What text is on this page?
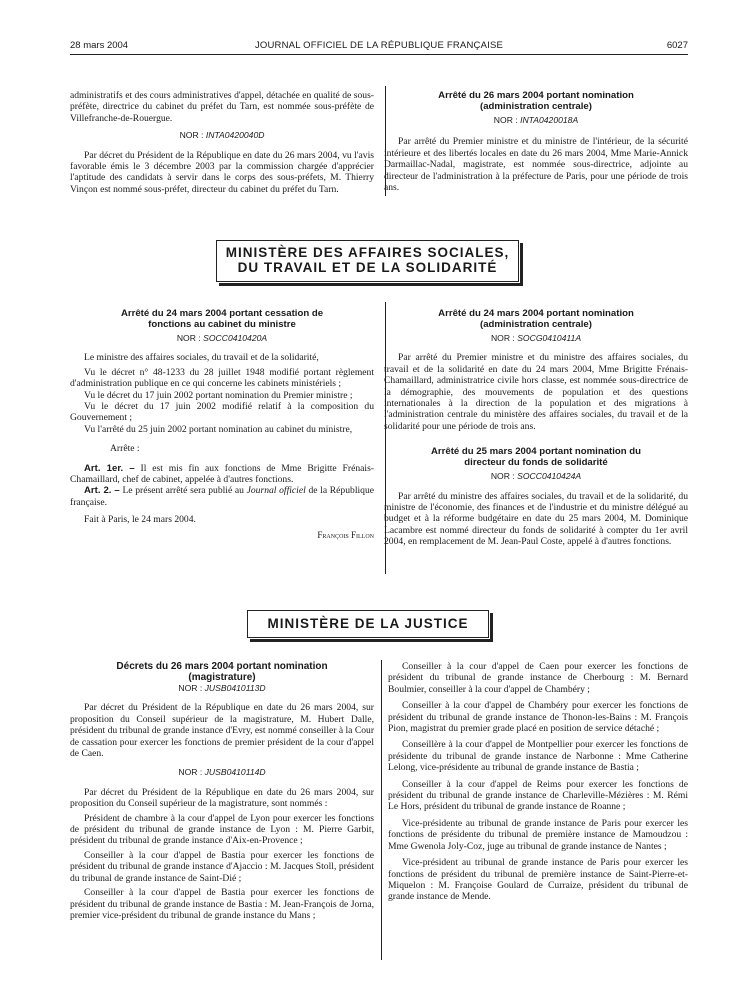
28 mars 2004	JOURNAL OFFICIEL DE LA RÉPUBLIQUE FRANÇAISE	6027

administratifs et des cours administratives d'appel, détachée en qualité de sous-préfète, directrice du cabinet du préfet du Tarn, est nommée sous-préfète de Villefranche-de-Rouergue.

NOR : INTA0420040D

Par décret du Président de la République en date du 26 mars 2004, vu l'avis favorable émis le 3 décembre 2003 par la commission chargée d'apprécier l'aptitude des candidats à servir dans le corps des sous-préfets, M. Thierry Vinçon est nommé sous-préfet, directeur du cabinet du préfet du Tarn.

Arrêté du 26 mars 2004 portant nomination (administration centrale)
NOR : INTA0420018A

Par arrêté du Premier ministre et du ministre de l'intérieur, de la sécurité intérieure et des libertés locales en date du 26 mars 2004, Mme Marie-Annick Darmaillac-Nadal, magistrate, est nommée sous-directrice, adjointe au directeur de l'administration à la préfecture de Paris, pour une période de trois ans.

MINISTÈRE DES AFFAIRES SOCIALES,
DU TRAVAIL ET DE LA SOLIDARITÉ
Arrêté du 24 mars 2004 portant cessation de fonctions au cabinet du ministre
NOR : SOCC0410420A

Le ministre des affaires sociales, du travail et de la solidarité,

Vu le décret n° 48-1233 du 28 juillet 1948 modifié portant règlement d'administration publique en ce qui concerne les cabinets ministériels ;

Vu le décret du 17 juin 2002 portant nomination du Premier ministre ;

Vu le décret du 17 juin 2002 modifié relatif à la composition du Gouvernement ;

Vu l'arrêté du 25 juin 2002 portant nomination au cabinet du ministre,

Arrête :

Art. 1er. – Il est mis fin aux fonctions de Mme Brigitte Frénais-Chamaillard, chef de cabinet, appelée à d'autres fonctions.

Art. 2. – Le présent arrêté sera publié au Journal officiel de la République française.

Fait à Paris, le 24 mars 2004.

François Fillon
Arrêté du 24 mars 2004 portant nomination (administration centrale)
NOR : SOCG0410411A

Par arrêté du Premier ministre et du ministre des affaires sociales, du travail et de la solidarité en date du 24 mars 2004, Mme Brigitte Frénais-Chamaillard, administratrice civile hors classe, est nommée sous-directrice de la démographie, des mouvements de population et des questions internationales à la direction de la population et des migrations à l'administration centrale du ministère des affaires sociales, du travail et de la solidarité pour une période de trois ans.

Arrêté du 25 mars 2004 portant nomination du directeur du fonds de solidarité
NOR : SOCC0410424A

Par arrêté du ministre des affaires sociales, du travail et de la solidarité, du ministre de l'économie, des finances et de l'industrie et du ministre délégué au budget et à la réforme budgétaire en date du 25 mars 2004, M. Dominique Lacambre est nommé directeur du fonds de solidarité à compter du 1er avril 2004, en remplacement de M. Jean-Paul Coste, appelé à d'autres fonctions.

MINISTÈRE DE LA JUSTICE
Décrets du 26 mars 2004 portant nomination (magistrature)
NOR : JUSB0410113D

Par décret du Président de la République en date du 26 mars 2004, sur proposition du Conseil supérieur de la magistrature, M. Hubert Dalle, président du tribunal de grande instance d'Evry, est nommé conseiller à la Cour de cassation pour exercer les fonctions de premier président de la cour d'appel de Caen.

NOR : JUSB0410114D

Par décret du Président de la République en date du 26 mars 2004, sur proposition du Conseil supérieur de la magistrature, sont nommés :

Président de chambre à la cour d'appel de Lyon pour exercer les fonctions de président du tribunal de grande instance de Lyon : M. Pierre Garbit, président du tribunal de grande instance d'Aix-en-Provence ;

Conseiller à la cour d'appel de Bastia pour exercer les fonctions de président du tribunal de grande instance d'Ajaccio : M. Jacques Stoll, président du tribunal de grande instance de Saint-Dié ;

Conseiller à la cour d'appel de Bastia pour exercer les fonctions de président du tribunal de grande instance de Bastia : M. Jean-François de Jorna, premier vice-président du tribunal de grande instance du Mans ;

Conseiller à la cour d'appel de Caen pour exercer les fonctions de président du tribunal de grande instance de Cherbourg : M. Bernard Boulmier, conseiller à la cour d'appel de Chambéry ;

Conseiller à la cour d'appel de Chambéry pour exercer les fonctions de président du tribunal de grande instance de Thonon-les-Bains : M. François Pion, magistrat du premier grade placé en position de service détaché ;

Conseillère à la cour d'appel de Montpellier pour exercer les fonctions de présidente du tribunal de grande instance de Narbonne : Mme Catherine Lelong, vice-présidente au tribunal de grande instance de Bastia ;

Conseiller à la cour d'appel de Reims pour exercer les fonctions de président du tribunal de grande instance de Charleville-Mézières : M. Rémi Le Hors, président du tribunal de grande instance de Roanne ;

Vice-présidente au tribunal de grande instance de Paris pour exercer les fonctions de présidente du tribunal de première instance de Mamoudzou : Mme Gwenola Joly-Coz, juge au tribunal de grande instance de Nantes ;

Vice-président au tribunal de grande instance de Paris pour exercer les fonctions de président du tribunal de première instance de Saint-Pierre-et-Miquelon : M. Françoise Goulard de Curraize, président du tribunal de grande instance de Mende.
